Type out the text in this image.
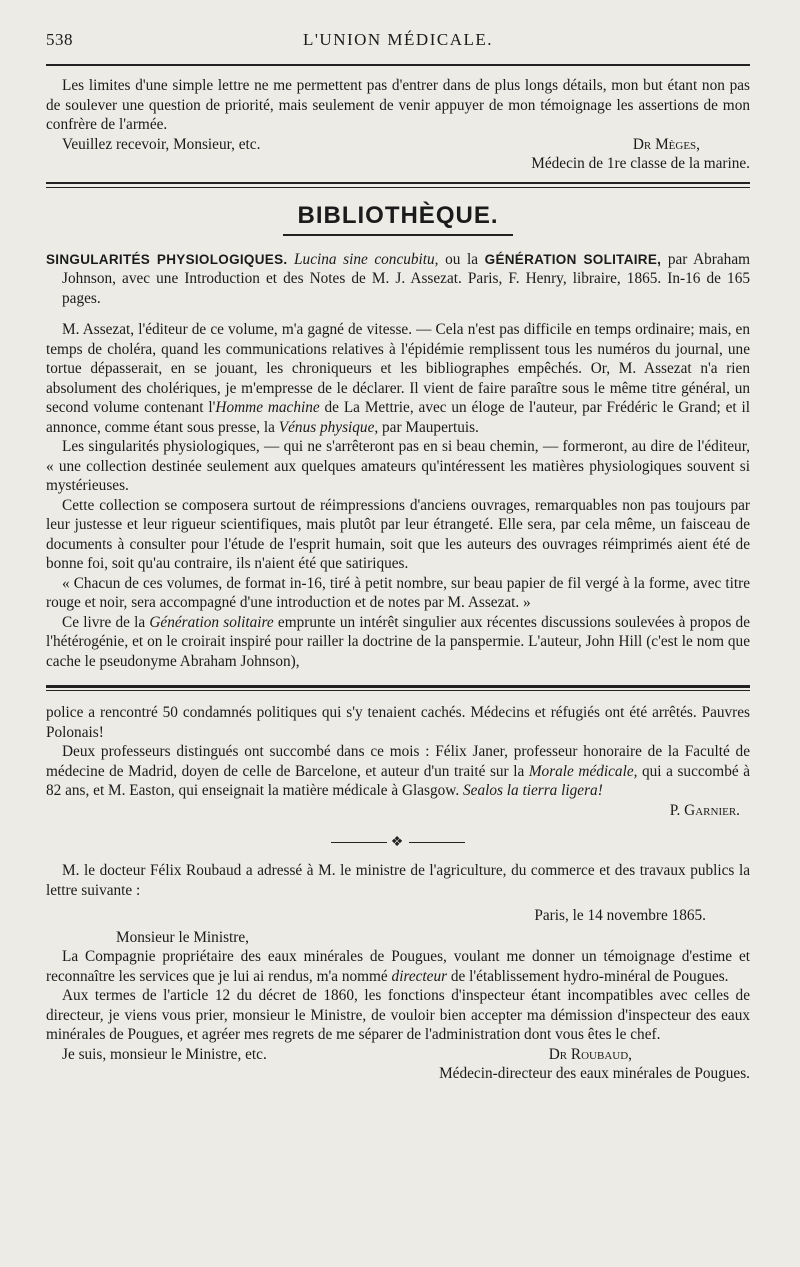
538	L'UNION MÉDICALE.

Les limites d'une simple lettre ne me permettent pas d'entrer dans de plus longs détails, mon but étant non pas de soulever une question de priorité, mais seulement de venir appuyer de mon témoignage les assertions de mon confrère de l'armée.

Veuillez recevoir, Monsieur, etc.	Dr Mèges,

Médecin de 1re classe de la marine.

BIBLIOTHÈQUE.

SINGULARITÉS PHYSIOLOGIQUES. Lucina sine concubitu, ou la GÉNÉRATION SOLITAIRE, par Abraham Johnson, avec une Introduction et des Notes de M. J. Assezat. Paris, F. Henry, libraire, 1865. In-16 de 165 pages.

M. Assezat, l'éditeur de ce volume, m'a gagné de vitesse. — Cela n'est pas difficile en temps ordinaire; mais, en temps de choléra, quand les communications relatives à l'épidémie remplissent tous les numéros du journal, une tortue dépasserait, en se jouant, les chroniqueurs et les bibliographes empêchés. Or, M. Assezat n'a rien absolument des cholériques, je m'empresse de le déclarer. Il vient de faire paraître sous le même titre général, un second volume contenant l'Homme machine de La Mettrie, avec un éloge de l'auteur, par Frédéric le Grand; et il annonce, comme étant sous presse, la Vénus physique, par Maupertuis.

Les singularités physiologiques, — qui ne s'arrêteront pas en si beau chemin, — formeront, au dire de l'éditeur, « une collection destinée seulement aux quelques amateurs qu'intéressent les matières physiologiques souvent si mystérieuses.

Cette collection se composera surtout de réimpressions d'anciens ouvrages, remarquables non pas toujours par leur justesse et leur rigueur scientifiques, mais plutôt par leur étrangeté. Elle sera, par cela même, un faisceau de documents à consulter pour l'étude de l'esprit humain, soit que les auteurs des ouvrages réimprimés aient été de bonne foi, soit qu'au contraire, ils n'aient été que satiriques.

« Chacun de ces volumes, de format in-16, tiré à petit nombre, sur beau papier de fil vergé à la forme, avec titre rouge et noir, sera accompagné d'une introduction et de notes par M. Assezat. »

Ce livre de la Génération solitaire emprunte un intérêt singulier aux récentes discussions soulevées à propos de l'hétérogénie, et on le croirait inspiré pour railler la doctrine de la panspermie. L'auteur, John Hill (c'est le nom que cache le pseudonyme Abraham Johnson),

police a rencontré 50 condamnés politiques qui s'y tenaient cachés. Médecins et réfugiés ont été arrêtés. Pauvres Polonais!

Deux professeurs distingués ont succombé dans ce mois : Félix Janer, professeur honoraire de la Faculté de médecine de Madrid, doyen de celle de Barcelone, et auteur d'un traité sur la Morale médicale, qui a succombé à 82 ans, et M. Easton, qui enseignait la matière médicale à Glasgow. Sealos la tierra ligera!

P. Garnier.

❖

M. le docteur Félix Roubaud a adressé à M. le ministre de l'agriculture, du commerce et des travaux publics la lettre suivante :

Paris, le 14 novembre 1865.

Monsieur le Ministre,

La Compagnie propriétaire des eaux minérales de Pougues, voulant me donner un témoignage d'estime et reconnaître les services que je lui ai rendus, m'a nommé directeur de l'établissement hydro-minéral de Pougues.

Aux termes de l'article 12 du décret de 1860, les fonctions d'inspecteur étant incompatibles avec celles de directeur, je viens vous prier, monsieur le Ministre, de vouloir bien accepter ma démission d'inspecteur des eaux minérales de Pougues, et agréer mes regrets de me séparer de l'administration dont vous êtes le chef.

Je suis, monsieur le Ministre, etc.	Dr Roubaud,

Médecin-directeur des eaux minérales de Pougues.
